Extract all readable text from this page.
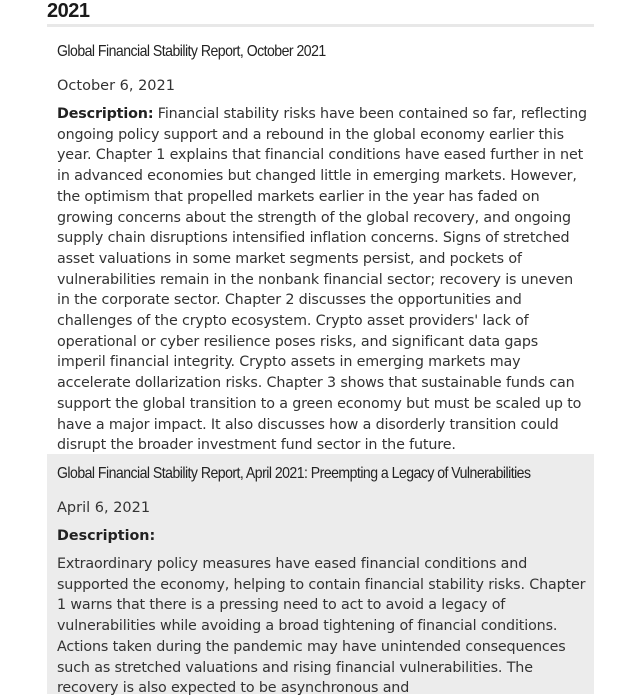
2021
Global Financial Stability Report, October 2021

October 6, 2021

Description: Financial stability risks have been contained so far, reflecting ongoing policy support and a rebound in the global economy earlier this year. Chapter 1 explains that financial conditions have eased further in net in advanced economies but changed little in emerging markets. However, the optimism that propelled markets earlier in the year has faded on growing concerns about the strength of the global recovery, and ongoing supply chain disruptions intensified inflation concerns. Signs of stretched asset valuations in some market segments persist, and pockets of vulnerabilities remain in the nonbank financial sector; recovery is uneven in the corporate sector. Chapter 2 discusses the opportunities and challenges of the crypto ecosystem. Crypto asset providers' lack of operational or cyber resilience poses risks, and significant data gaps imperil financial integrity. Crypto assets in emerging markets may accelerate dollarization risks. Chapter 3 shows that sustainable funds can support the global transition to a green economy but must be scaled up to have a major impact. It also discusses how a disorderly transition could disrupt the broader investment fund sector in the future.

Global Financial Stability Report, April 2021: Preempting a Legacy of Vulnerabilities

April 6, 2021

Description:

Extraordinary policy measures have eased financial conditions and supported the economy, helping to contain financial stability risks. Chapter 1 warns that there is a pressing need to act to avoid a legacy of vulnerabilities while avoiding a broad tightening of financial conditions. Actions taken during the pandemic may have unintended consequences such as stretched valuations and rising financial vulnerabilities. The recovery is also expected to be asynchronous and
